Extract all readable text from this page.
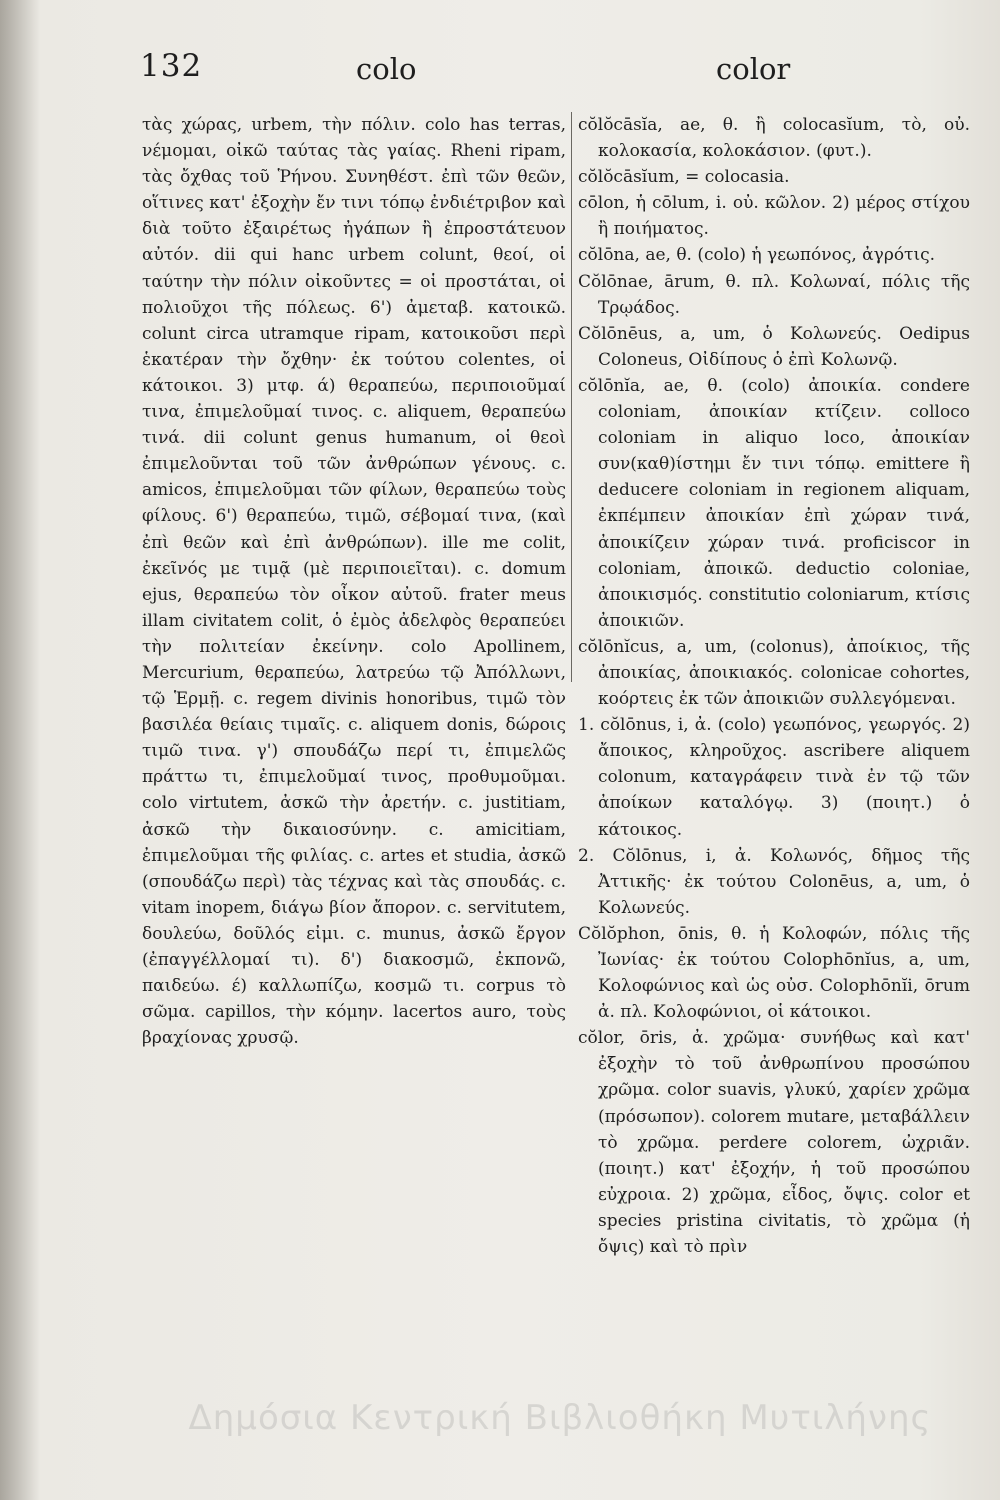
132	colo	color

τὰς χώρας, urbem, τὴν πόλιν. colo has terras, νέμομαι, οἰκῶ ταύτας τὰς γαίας. Rheni ripam, τὰς ὄχθας τοῦ Ῥήνου. Συνηθέστ. ἐπὶ τῶν θεῶν, οἵτινες κατ' ἐξοχὴν ἔν τινι τόπῳ ἐνδιέτριβον καὶ διὰ τοῦτο ἐξαιρέτως ἠγάπων ἢ ἐπροστάτευον αὐτόν. dii qui hanc urbem colunt, θεοί, οἱ ταύτην τὴν πόλιν οἰκοῦντες = οἱ προστάται, οἱ πολιοῦχοι τῆς πόλεως. 6') ἀμεταβ. κατοικῶ. colunt circa utramque ripam, κατοικοῦσι περὶ ἑκατέραν τὴν ὄχθην· ἐκ τούτου colentes, οἱ κάτοικοι. 3) μτφ. ά) θεραπεύω, περιποιοῦμαί τινα, ἐπιμελοῦμαί τινος. c. aliquem, θεραπεύω τινά. dii colunt genus humanum, οἱ θεοὶ ἐπιμελοῦνται τοῦ τῶν ἀνθρώπων γένους. c. amicos, ἐπιμελοῦμαι τῶν φίλων, θεραπεύω τοὺς φίλους. 6') θεραπεύω, τιμῶ, σέβομαί τινα, (καὶ ἐπὶ θεῶν καὶ ἐπὶ ἀνθρώπων). ille me colit, ἐκεῖνός με τιμᾷ (μὲ περιποιεῖται). c. domum ejus, θεραπεύω τὸν οἶκον αὐτοῦ. frater meus illam civitatem colit, ὁ ἐμὸς ἀδελφὸς θεραπεύει τὴν πολιτείαν ἐκείνην. colo Apollinem, Mercurium, θεραπεύω, λατρεύω τῷ Ἀπόλλωνι, τῷ Ἑρμῇ. c. regem divinis honoribus, τιμῶ τὸν βασιλέα θείαις τιμαῖς. c. aliquem donis, δώροις τιμῶ τινα. γ') σπουδάζω περί τι, ἐπιμελῶς πράττω τι, ἐπιμελοῦμαί τινος, προθυμοῦμαι. colo virtutem, ἀσκῶ τὴν ἀρετήν. c. justitiam, ἀσκῶ τὴν δικαιοσύνην. c. amicitiam, ἐπιμελοῦμαι τῆς φιλίας. c. artes et studia, ἀσκῶ (σπουδάζω περὶ) τὰς τέχνας καὶ τὰς σπουδάς. c. vitam inopem, διάγω βίον ἄπορον. c. servitutem, δουλεύω, δοῦλός εἰμι. c. munus, ἀσκῶ ἔργον (ἐπαγγέλλομαί τι). δ') διακοσμῶ, ἐκπονῶ, παιδεύω. έ) καλλωπίζω, κοσμῶ τι. corpus τὸ σῶμα. capillos, τὴν κόμην. lacertos auro, τοὺς βραχίονας χρυσῷ.

cŏlŏcāsĭa, ae, θ. ἢ colocasĭum, τὸ, οὐ. κολοκασία, κολοκάσιον. (φυτ.).

cŏlŏcāsĭum, = colocasia.

cōlon, ἡ cōlum, i. οὐ. κῶλον. 2) μέρος στίχου ἢ ποιήματος.

cŏlōna, ae, θ. (colo) ἡ γεωπόνος, ἀγρότις.

Cŏlōnae, ārum, θ. πλ. Κολωναί, πόλις τῆς Τρῳάδος.

Cŏlōnēus, a, um, ὁ Κολωνεύς. Oedipus Coloneus, Οἰδίπους ὁ ἐπὶ Κολωνῷ.

cŏlōnĭa, ae, θ. (colo) ἀποικία. condere coloniam, ἀποικίαν κτίζειν. colloco coloniam in aliquo loco, ἀποικίαν συν(καθ)ίστημι ἔν τινι τόπῳ. emittere ἢ deducere coloniam in regionem aliquam, ἐκπέμπειν ἀποικίαν ἐπὶ χώραν τινά, ἀποικίζειν χώραν τινά. proficiscor in coloniam, ἀποικῶ. deductio coloniae, ἀποικισμός. constitutio coloniarum, κτίσις ἀποικιῶν.

cŏlōnĭcus, a, um, (colonus), ἀποίκιος, τῆς ἀποικίας, ἀποικιακός. colonicae cohortes, κοόρτεις ἐκ τῶν ἀποικιῶν συλλεγόμεναι.

1. cŏlōnus, i, ἀ. (colo) γεωπόνος, γεωργός. 2) ἄποικος, κληροῦχος. ascribere aliquem colonum, καταγράφειν τινὰ ἐν τῷ τῶν ἀποίκων καταλόγῳ. 3) (ποιητ.) ὁ κάτοικος.

2. Cŏlōnus, i, ἀ. Κολωνός, δῆμος τῆς Ἀττικῆς· ἐκ τούτου Colonēus, a, um, ὁ Κολωνεύς.

Cŏlŏphon, ōnis, θ. ἡ Κολοφών, πόλις τῆς Ἰωνίας· ἐκ τούτου Colophōnĭus, a, um, Κολοφώνιος καὶ ὡς οὐσ. Colophōnĭi, ōrum ἀ. πλ. Κολοφώνιοι, οἱ κάτοικοι.

cŏlor, ōris, ἀ. χρῶμα· συνήθως καὶ κατ' ἐξοχὴν τὸ τοῦ ἀνθρωπίνου προσώπου χρῶμα. color suavis, γλυκύ, χαρίεν χρῶμα (πρόσωπον). colorem mutare, μεταβάλλειν τὸ χρῶμα. perdere colorem, ὠχριᾶν. (ποιητ.) κατ' ἐξοχήν, ἡ τοῦ προσώπου εὐχροια. 2) χρῶμα, εἶδος, ὄψις. color et species pristina civitatis, τὸ χρῶμα (ἡ ὄψις) καὶ τὸ πρὶν

Δημόσια Κεντρική Βιβλιοθήκη Μυτιλήνης
